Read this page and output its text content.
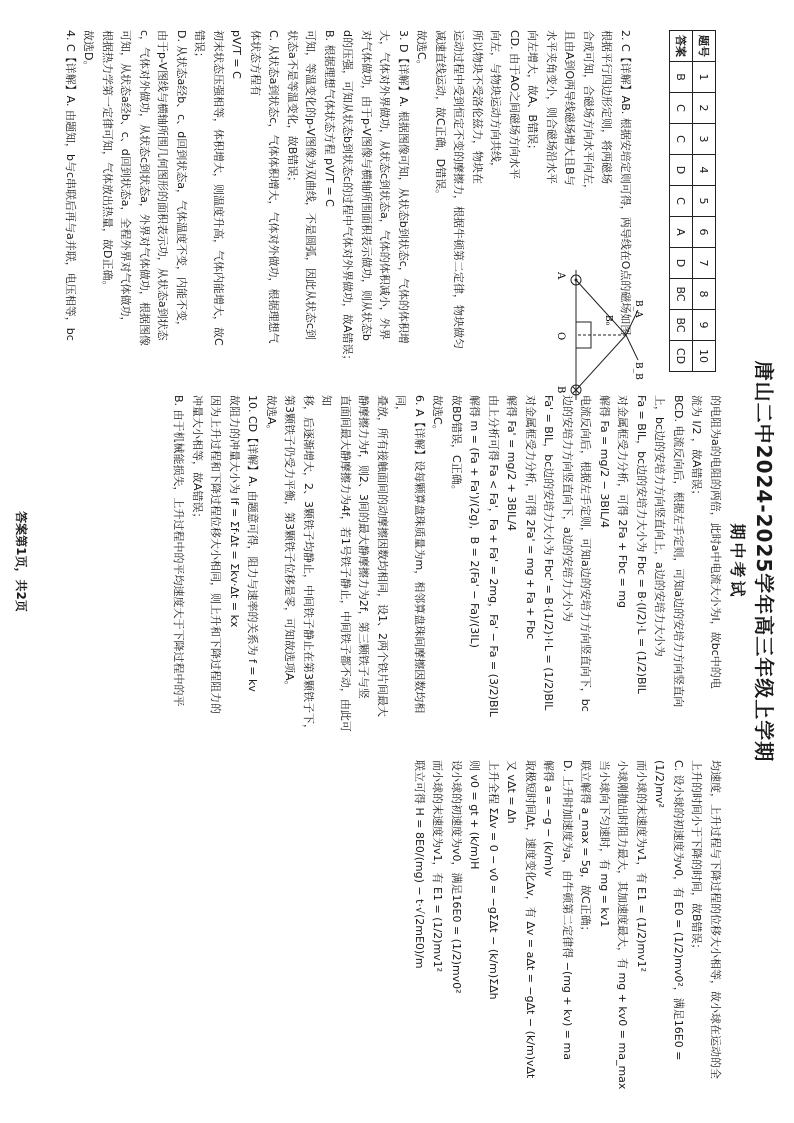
唐山二中2024-2025学年高三年级上学期
期中考试
题号	1	2	3	4	5	6	7	8	9	10
答案	B	C	C	D	C	A	D	BC	BC	CD
B_A
B_B
B₀
A
O
B

2. C【详解】AB. 根据安培定则可得，两导线在O点的磁场如图

根据平行四边形定则，将两磁场

合成可知，合磁场方向水平向左，

且由A到O两导线磁场增大且B与

水平夹角变小，则合磁场沿水平

向左增大，故A、B错误；

CD. 由于AO之间磁场方向水平

向左，与物块运动方向共线，

所以物块不受洛伦兹力，物块在

运动过程中受到恒定不变的摩擦力，根据牛顿第二定律，物块做匀

减速直线运动，故C正确，D错误。

故选C。

3. D【详解】A. 根据图像可知，从状态b到状态c，气体的体积增

大，气体对外界做功，从状态c到状态a，气体的体积减小，外界

对气体做功，由于p-V图像与横轴所围面积表示做功，则从状态b

d的压强，可知从状态b到状态c的过程中气体对外界做功，故A错误；

B. 根据理想气体状态方程 pV/T = C

可知，等温变化的p-V图像为双曲线，不是圆弧，因此从状态c到

状态a不是等温变化，故B错误；

C. 从状态a到状态c，气体体积增大，气体对外做功，根据理想气

体状态方程有

pV/T = C

初末状态压强相等，体积增大，则温度升高，气体内能增大，故C

错误；

D. 从状态a经b、c、d回到状态a，气体温度不变，内能不变，

由于p-V图线与横轴所围几何图形的面积表示功，从状态a到状态

c，气体对外做功，从状态c到状态a，外界对气体做功，根据图像

可知，从状态a经b、c、d回到状态a，全程外界对气体做功，

根据热力学第一定律可知，气体放出热量，故D正确。

故选D。

4. C【详解】A. 由题知，b与c串联后再与a并联，电压相等，bc

的电阻为a的电阻的两倍，此时a中电流大小为I，故bc中的电

流为 I/2 ，故A错误；

BCD. 电流反向后，根据左手定则，可知a边的安培力方向竖直向

上，bc边的安培力方向竖直向上，a边的安培力大小为

Fa = BIL，bc边的安培力大小为 Fbc = B·(I/2)·L = (1/2)BIL

对金属框受力分析，可得 2Fa + Fbc = mg

解得 Fa = mg/2 − 3BIL/4

电流反向后，根据左手定则，可知a边的安培力方向竖直向下，bc

边的安培力方向竖直向下，a边的安培力大小为

Fa' = BIL，bc边的安培力大小为 Fbc' = B·(1/2)·I·L = (1/2)BIL

对金属框受力分析，可得 2Fa' = mg + Fa + Fbc

解得 Fa' = mg/2 + 3BIL/4

由上分析可得 Fa < Fa'，Fa + Fa' = 2mg，Fa' − Fa = (3/2)BIL

解得 m = (Fa + Fa')/(2g)，B = 2(Fa' − Fa)/(3IL)

故BD错误，C正确。

故选C。

6. A【详解】设每颗算盘珠质量为m，相邻算盘珠间摩擦因数均相同，

叠放，所有接触面间的动摩擦因数均相同，设1、2两个铁片间最大

静摩擦力为f，则2、3间的最大静摩擦力为2f，第三颗铁子与竖

直面间最大静摩擦力为4f，若1号铁子静止，中间铁子都不动，由此可知

移，后逐渐增大，2、3颗铁子均静止，中间铁子静止在第3颗铁子下，

第3颗铁子仍受力平衡，第3颗铁子位移是零，可知故选项A。

故选A。

10. CD【详解】A. 由题意可得，阻力与速率的关系为 f = kv

故阻力的冲量大小为 If = Σf·Δt = Σkv·Δt = kx

因为上升过程和下降过程位移大小相同，则上升和下降过程阻力的

冲量大小相等，故A错误；

B. 由于机械能损失，上升过程中的平均速度大于下降过程中的平

均速度，上升过程与下降过程的位移大小相等，故小球在运动的全

上升的时间小于下降的时间，故B错误；

C. 设小球的初速度为v0，有 E0 = (1/2)mv0²，满足16E0 = (1/2)mv²

而小球的末速度为v1，有 E1 = (1/2)mv1²

小球刚抛出时阻力最大，其加速度最大，有 mg + kv0 = ma_max

当小球向下匀速时，有 mg = kv1

联立解得 a_max = 5g，故C正确；

D. 上升时加速度为a，由牛顿第二定律得 −(mg + kv) = ma

解得 a = −g − (k/m)v

取极短时间Δt，速度变化Δv，有 Δv = aΔt = −gΔt − (k/m)vΔt

又 vΔt = Δh

上升全程 ΣΔv = 0 − v0 = −gΣΔt − (k/m)ΣΔh

则 v0 = gt + (k/m)H

设小球的初速度为v0，满足16E0 = (1/2)mv0²

而小球的末速度为v1，有 E1 = (1/2)mv1²

联立可得 H = 8E0/(mg) − t·√(2mE0)/m

答案第1页，共2页
